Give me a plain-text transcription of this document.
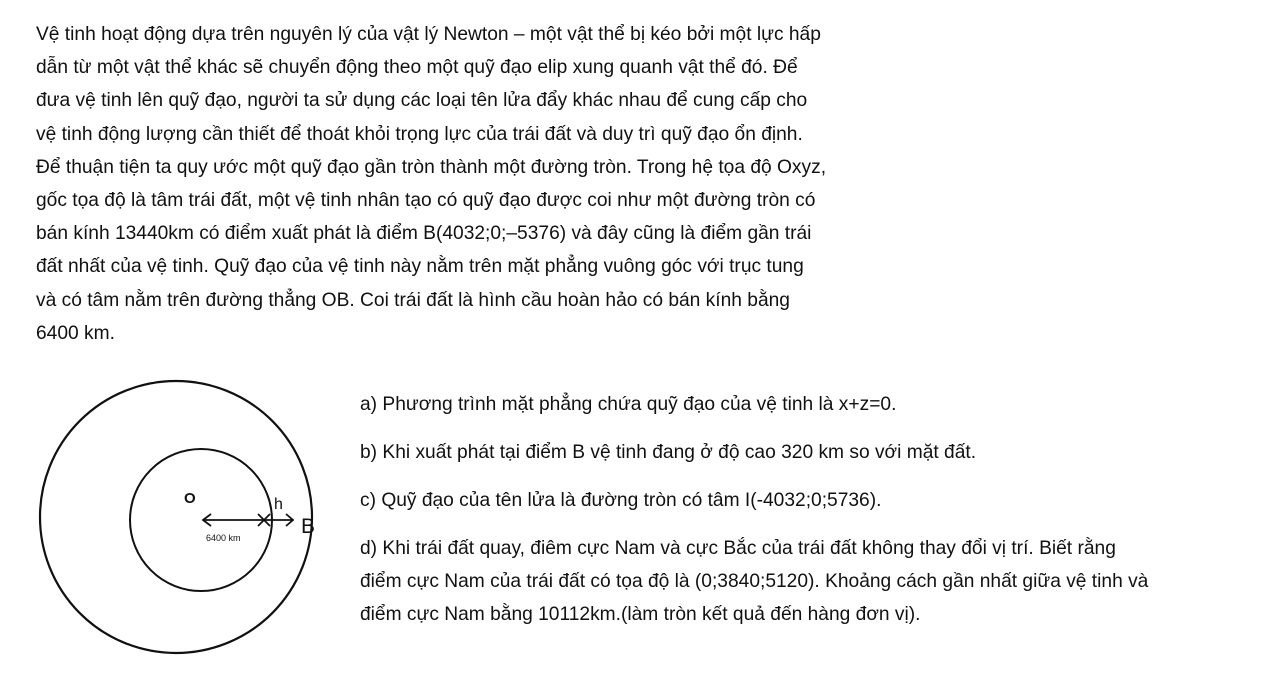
Vệ tinh hoạt động dựa trên nguyên lý của vật lý Newton – một vật thể bị kéo bởi một lực hấp
dẫn từ một vật thể khác sẽ chuyển động theo một quỹ đạo elip xung quanh vật thể đó. Để
đưa vệ tinh lên quỹ đạo, người ta sử dụng các loại tên lửa đẩy khác nhau để cung cấp cho
vệ tinh động lượng cần thiết để thoát khỏi trọng lực của trái đất và duy trì quỹ đạo ổn định.
Để thuận tiện ta quy ước một quỹ đạo gần tròn thành một đường tròn. Trong hệ tọa độ Oxyz,
gốc tọa độ là tâm trái đất, một vệ tinh nhân tạo có quỹ đạo được coi như một đường tròn có
bán kính 13440km có điểm xuất phát là điểm B(4032;0;–5376) và đây cũng là điểm gần trái
đất nhất của vệ tinh. Quỹ đạo của vệ tinh này nằm trên mặt phẳng vuông góc với trục tung
và có tâm nằm trên đường thẳng OB. Coi trái đất là hình cầu hoàn hảo có bán kính bằng
6400 km.
O	h
B
6400 km
a) Phương trình mặt phẳng chứa quỹ đạo của vệ tinh là x+z=0.
b) Khi xuất phát tại điểm B vệ tinh đang ở độ cao 320 km so với mặt đất.
c) Quỹ đạo của tên lửa là đường tròn có tâm I(-4032;0;5736).
d) Khi trái đất quay, điêm cực Nam và cực Bắc của trái đất không thay đổi vị trí. Biết rằng
điểm cực Nam của trái đất có tọa độ là (0;3840;5120). Khoảng cách gần nhất giữa vệ tinh và
điểm cực Nam bằng 10112km.(làm tròn kết quả đến hàng đơn vị).
